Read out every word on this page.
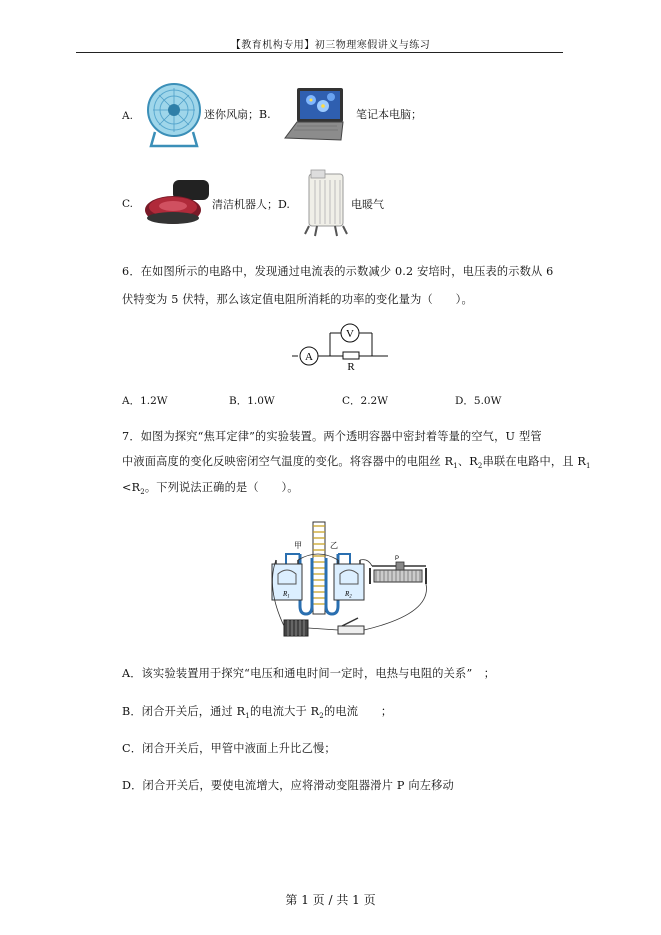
【教育机构专用】初三物理寒假讲义与练习
A.	迷你风扇；B.	笔记本电脑；
C.	清洁机器人；D.	电暖气
6．在如图所示的电路中，发现通过电流表的示数减少 0.2 安培时，电压表的示数从 6
伏特变为 5 伏特，那么该定值电阻所消耗的功率的变化量为（　　）。
A
V
R
A．1.2W	B．1.0W	C．2.2W	D．5.0W
7．如图为探究“焦耳定律”的实验装置。两个透明容器中密封着等量的空气，U 型管
中液面高度的变化反映密闭空气温度的变化。将容器中的电阻丝 $R_1$、$R_2$串联在电路中，且 $R_1$
$<R_2$。下列说法正确的是（　　）。
甲	乙
$R_1$	$R_2$
P
A．该实验装置用于探究“电压和通电时间一定时，电热与电阻的关系”　；
B．闭合开关后，通过 $R_1$的电流大于 $R_2$的电流　　；
C．闭合开关后，甲管中液面上升比乙慢；
D．闭合开关后，要使电流增大，应将滑动变阻器滑片 P 向左移动
第 1 页 / 共 1 页
